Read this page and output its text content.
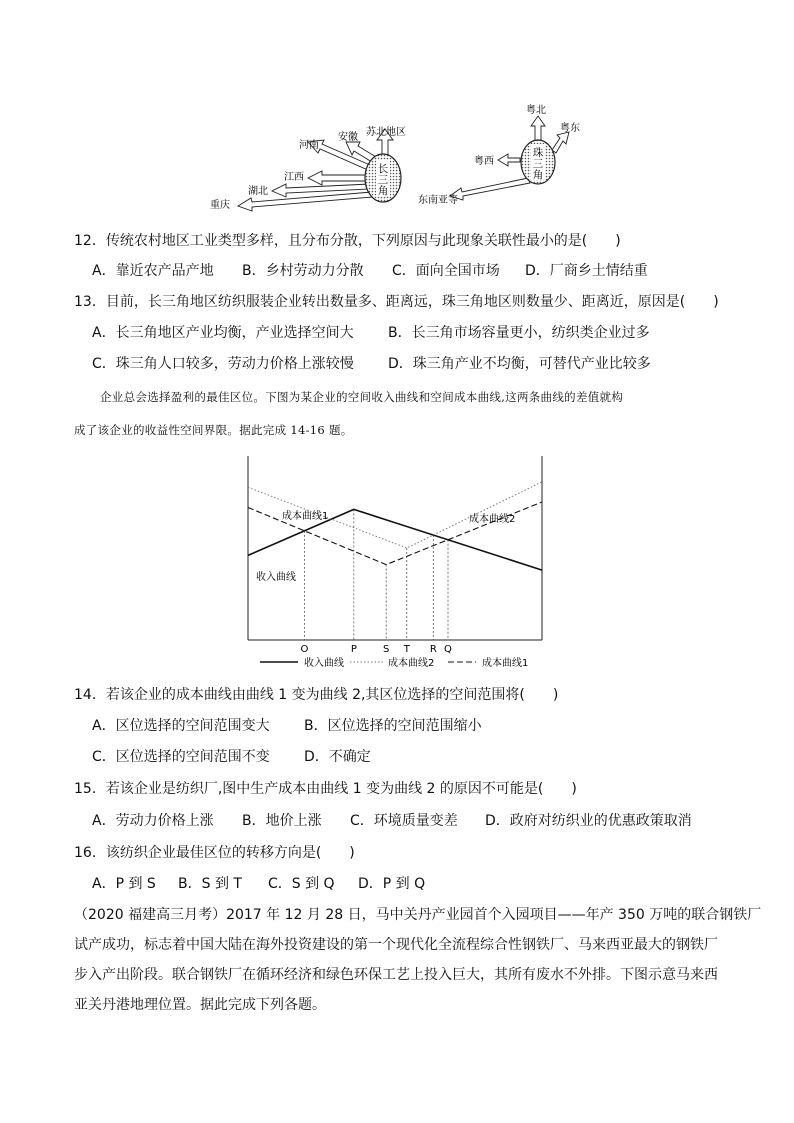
长
三
角
河南
安徽 苏北地区
江西
湖北
重庆
珠
三
角
粤北
粤东
粤西
东南亚等
12．传统农村地区工业类型多样，且分布分散，下列原因与此现象关联性最小的是(　　)
A．靠近农产品产地 B．乡村劳动力分散 C．面向全国市场 D．厂商乡土情结重
13．目前，长三角地区纺织服装企业转出数量多、距离远，珠三角地区则数量少、距离近，原因是(　　)
A．长三角地区产业均衡，产业选择空间大 B．长三角市场容量更小，纺织类企业过多
C．珠三角人口较多，劳动力价格上涨较慢 D．珠三角产业不均衡，可替代产业比较多
企业总会选择盈利的最佳区位。下图为某企业的空间收入曲线和空间成本曲线,这两条曲线的差值就构
成了该企业的收益性空间界限。据此完成 14-16 题。
成本曲线1	成本曲线2
收入曲线
O	P	S T	Q
R
收入曲线	成本曲线2	成本曲线1
14．若该企业的成本曲线由曲线 1 变为曲线 2,其区位选择的空间范围将(　　)
A．区位选择的空间范围变大 B．区位选择的空间范围缩小
C．区位选择的空间范围不变 D．不确定
15．若该企业是纺织厂,图中生产成本由曲线 1 变为曲线 2 的原因不可能是(　　)
A．劳动力价格上涨 B．地价上涨 C．环境质量变差 D．政府对纺织业的优惠政策取消
16．该纺织企业最佳区位的转移方向是(　　)
A．P 到 S B．S 到 T C．S 到 Q D．P 到 Q
（2020 福建高三月考）2017 年 12 月 28 日，马中关丹产业园首个入园项目——年产 350 万吨的联合钢铁厂
试产成功，标志着中国大陆在海外投资建设的第一个现代化全流程综合性钢铁厂、马来西亚最大的钢铁厂
步入产出阶段。联合钢铁厂在循环经济和绿色环保工艺上投入巨大，其所有废水不外排。下图示意马来西
亚关丹港地理位置。据此完成下列各题。
